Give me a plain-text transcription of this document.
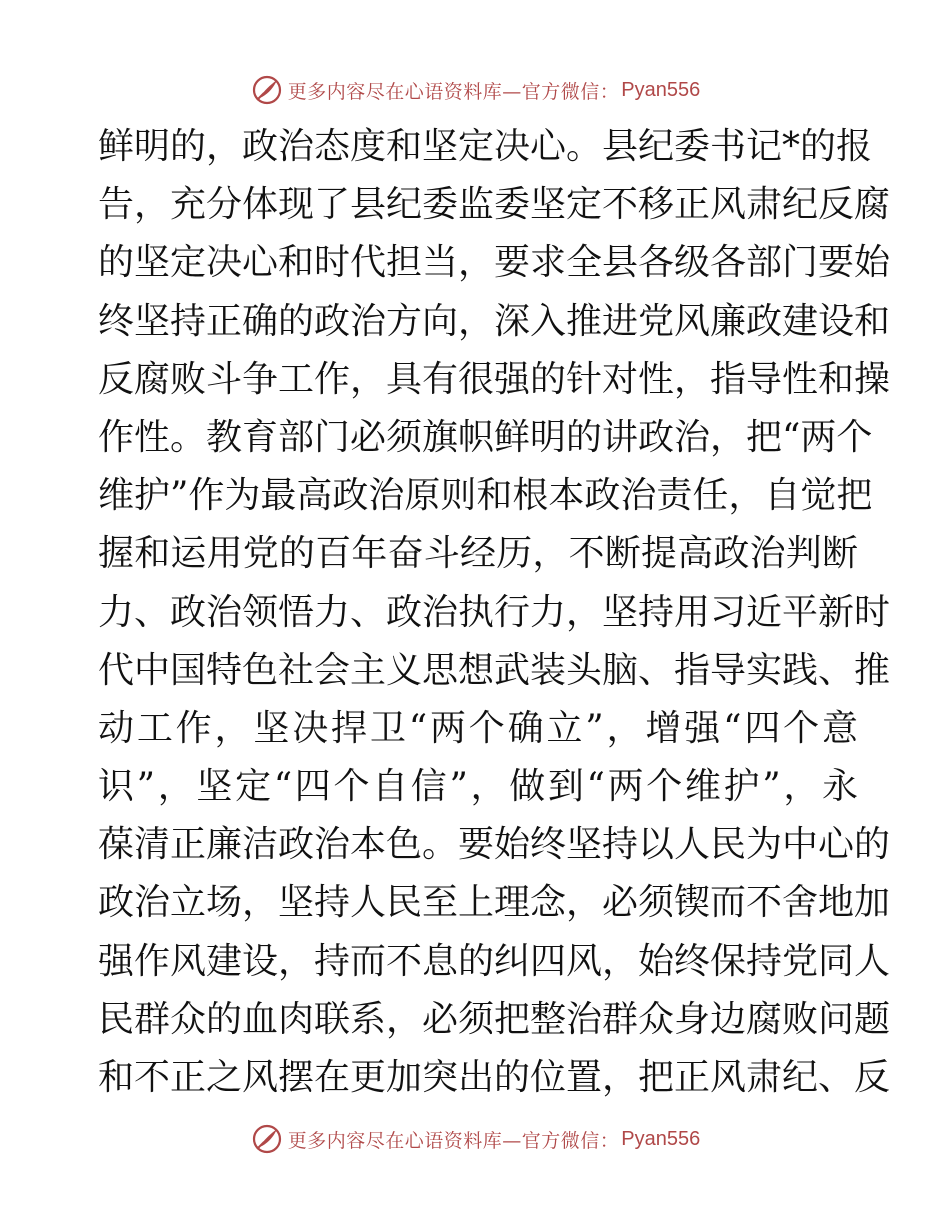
更多内容尽在心语资料库—官方微信： Pyan556
鲜明的，政治态度和坚定决心。县纪委书记*的报
告，充分体现了县纪委监委坚定不移正风肃纪反腐
的坚定决心和时代担当，要求全县各级各部门要始
终坚持正确的政治方向，深入推进党风廉政建设和
反腐败斗争工作，具有很强的针对性，指导性和操
作性。教育部门必须旗帜鲜明的讲政治，把“两个
维护”作为最高政治原则和根本政治责任，自觉把
握和运用党的百年奋斗经历，不断提高政治判断
力、政治领悟力、政治执行力，坚持用习近平新时
代中国特色社会主义思想武装头脑、指导实践、推
动工作，坚决捍卫“两个确立”，增强“四个意
识”，坚定“四个自信”，做到“两个维护”，永
葆清正廉洁政治本色。要始终坚持以人民为中心的
政治立场，坚持人民至上理念，必须锲而不舍地加
强作风建设，持而不息的纠四风，始终保持党同人
民群众的血肉联系，必须把整治群众身边腐败问题
和不正之风摆在更加突出的位置，把正风肃纪、反
更多内容尽在心语资料库—官方微信： Pyan556
